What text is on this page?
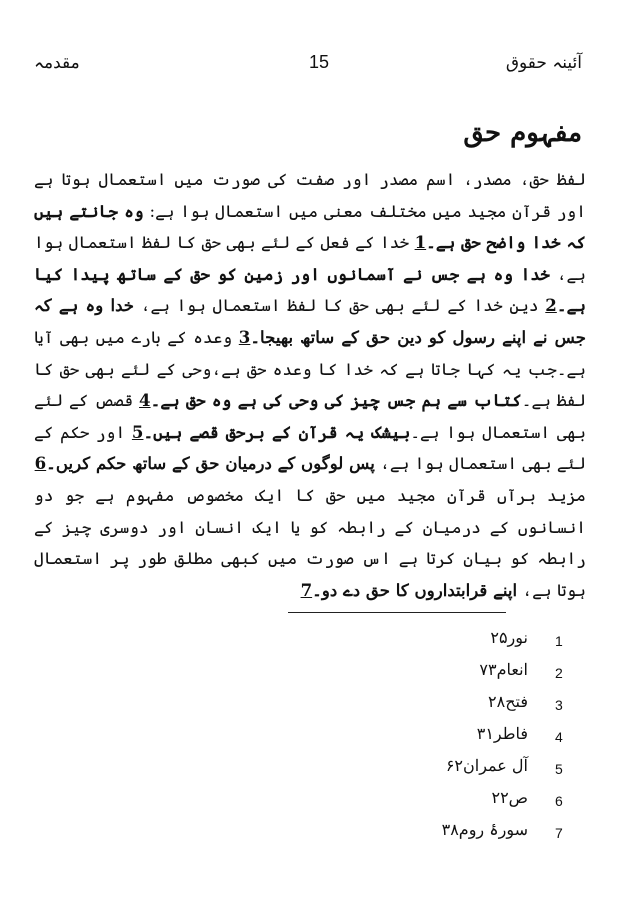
مقدمہ	15	آئینہ حقوق
مفہوم حق

لفظ حق، مصدر، اسم مصدر اور صفت کی صورت میں استعمال ہوتا ہے اور قرآن مجید میں مختلف معنی میں استعمال ہوا ہے: وہ جانتے ہیں کہ خدا واضح حق ہے۔1 خدا کے فعل کے لئے بھی حق کا لفظ استعمال ہوا ہے، خدا وہ ہے جس نے آسمانوں اور زمین کو حق کے ساتھ پیدا کیا ہے۔2 دین خدا کے لئے بھی حق کا لفظ استعمال ہوا ہے، خدا وہ ہے کہ جس نے اپنے رسول کو دین حق کے ساتھ بھیجا۔3 وعدہ کے بارے میں بھی آیا ہے۔جب یہ کہا جاتا ہے کہ خدا کا وعدہ حق ہے،وحی کے لئے بھی حق کا لفظ ہے۔کتاب سے ہم جس چیز کی وحی کی ہے وہ حق ہے۔4 قصص کے لئے بھی استعمال ہوا ہے۔بیشک یہ قرآن کے برحق قصے ہیں۔5 اور حکم کے لئے بھی استعمال ہوا ہے، پس لوگوں کے درمیان حق کے ساتھ حکم کریں۔6

مزید برآں قرآن مجید میں حق کا ایک مخصوص مفہوم ہے جو دو انسانوں کے درمیان کے رابطہ کو یا ایک انسان اور دوسری چیز کے رابطہ کو بیان کرتا ہے اس صورت میں کبھی مطلق طور پر استعمال ہوتا ہے، اپنے قرابتداروں کا حق دے دو۔7

1
نور۲۵
2
انعام۷۳
3
فتح۲۸
4
فاطر۳۱
5
آل عمران۶۲
6
ص۲۲
7
سورۂ روم۳۸
